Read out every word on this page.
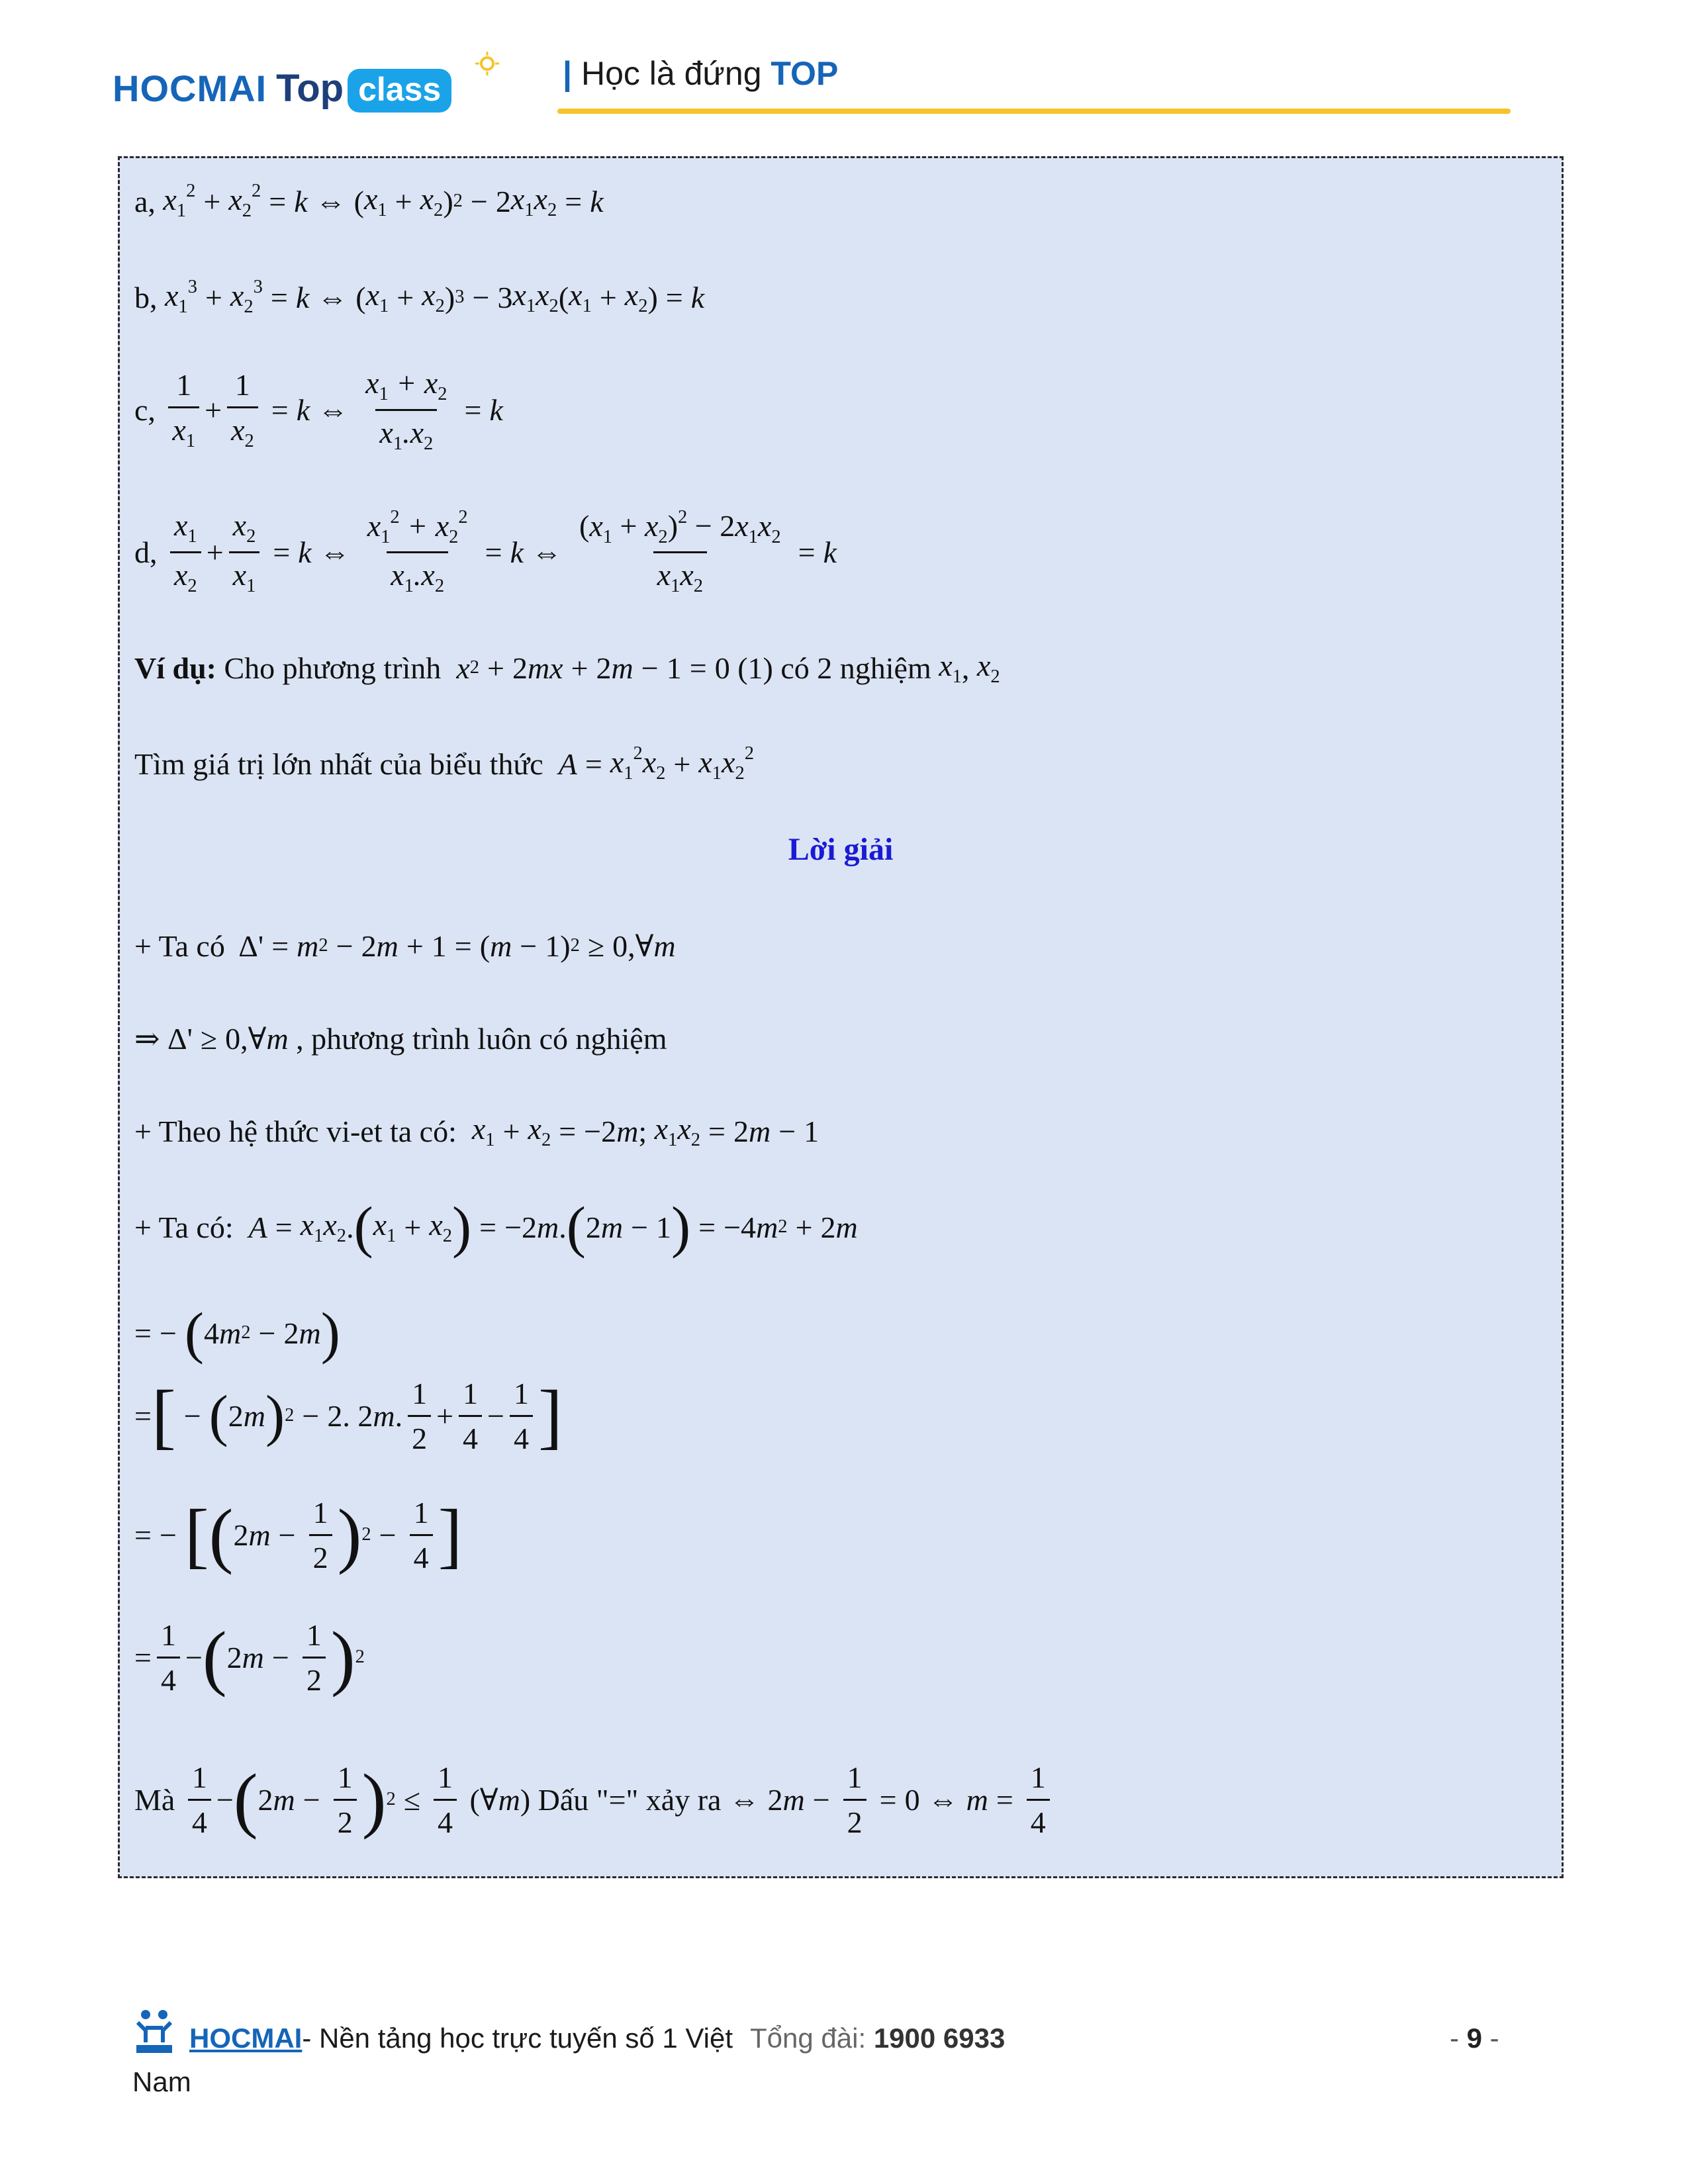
HOCMAI Top class	| Học là đứng TOP
a,
$x_1^2 + x_2^2 = k$ ⇔ ( $x_1 + x_2$ ) 2 − 2 $x_1x_2 = k$
b,
$x_1^3 + x_2^3 = k$ ⇔ ( $x_1 + x_2$ ) 3 − 3 $x_1x_2$ ( $x_1 + x_2$ ) = k
c,
$\frac{1}{x_1} + \frac{1}{x_2} = k$ ⇔ $\frac{x_1 + x_2}{x_1.x_2} = k$
d,
$\frac{x_1}{x_2} + \frac{x_2}{x_1} = k$ ⇔ $\frac{x_1^2 + x_2^2}{x_1.x_2} = k$ ⇔ $\frac{(x_1 + x_2)^2 - 2x_1x_2}{x_1x_2} = k$
Ví dụ:
Cho phương trình
x 2 + 2 mx + 2 m − 1 = 0 (1) có 2 nghiệm
$x_1$ , $x_2$
Tìm giá trị lớn nhất của biểu thức
$A = x_1^2x_2 + x_1x_2^2$
Lời giải
+ Ta có Δ' = m 2 − 2 m + 1 = ( m − 1) 2 ≥ 0,∀ m
⇒ Δ' ≥ 0,∀ m
, phương trình luôn có nghiệm
+ Theo hệ thức vi-et ta có:
$x_1 + x_2 = -2$ m ; $x_1x_2 = 2$ m − 1
+ Ta có:
$A = x_1x_2$ . ( $x_1 + x_2$ ) = −2 m . ( 2 m − 1 ) = −4 m 2 + 2 m
= − ( 4 m 2 − 2 m )
= [ − ( 2 m ) 2 − 2. 2 m . $\frac{1}{2} + \frac{1}{4} - \frac{1}{4}$ ]
= − [ ( 2 $m - \frac{1}{2}$ ) $2 - \frac{1}{4}$ ]
= $\frac{1}{4}$ − ( 2 $m - \frac{1}{2}$ ) 2
Mà
$\frac{1}{4}$ − ( 2 $m - \frac{1}{2}$ ) $2 \le \frac{1}{4}$ (∀ m ) Dấu "=" xảy ra ⇔ 2 $m - \frac{1}{2} = 0$ ⇔ $m = \frac{1}{4}$
HOCMAI - Nền tảng học trực tuyến số 1 Việt Tổng đài: 1900 6933
Nam
- 9 -
